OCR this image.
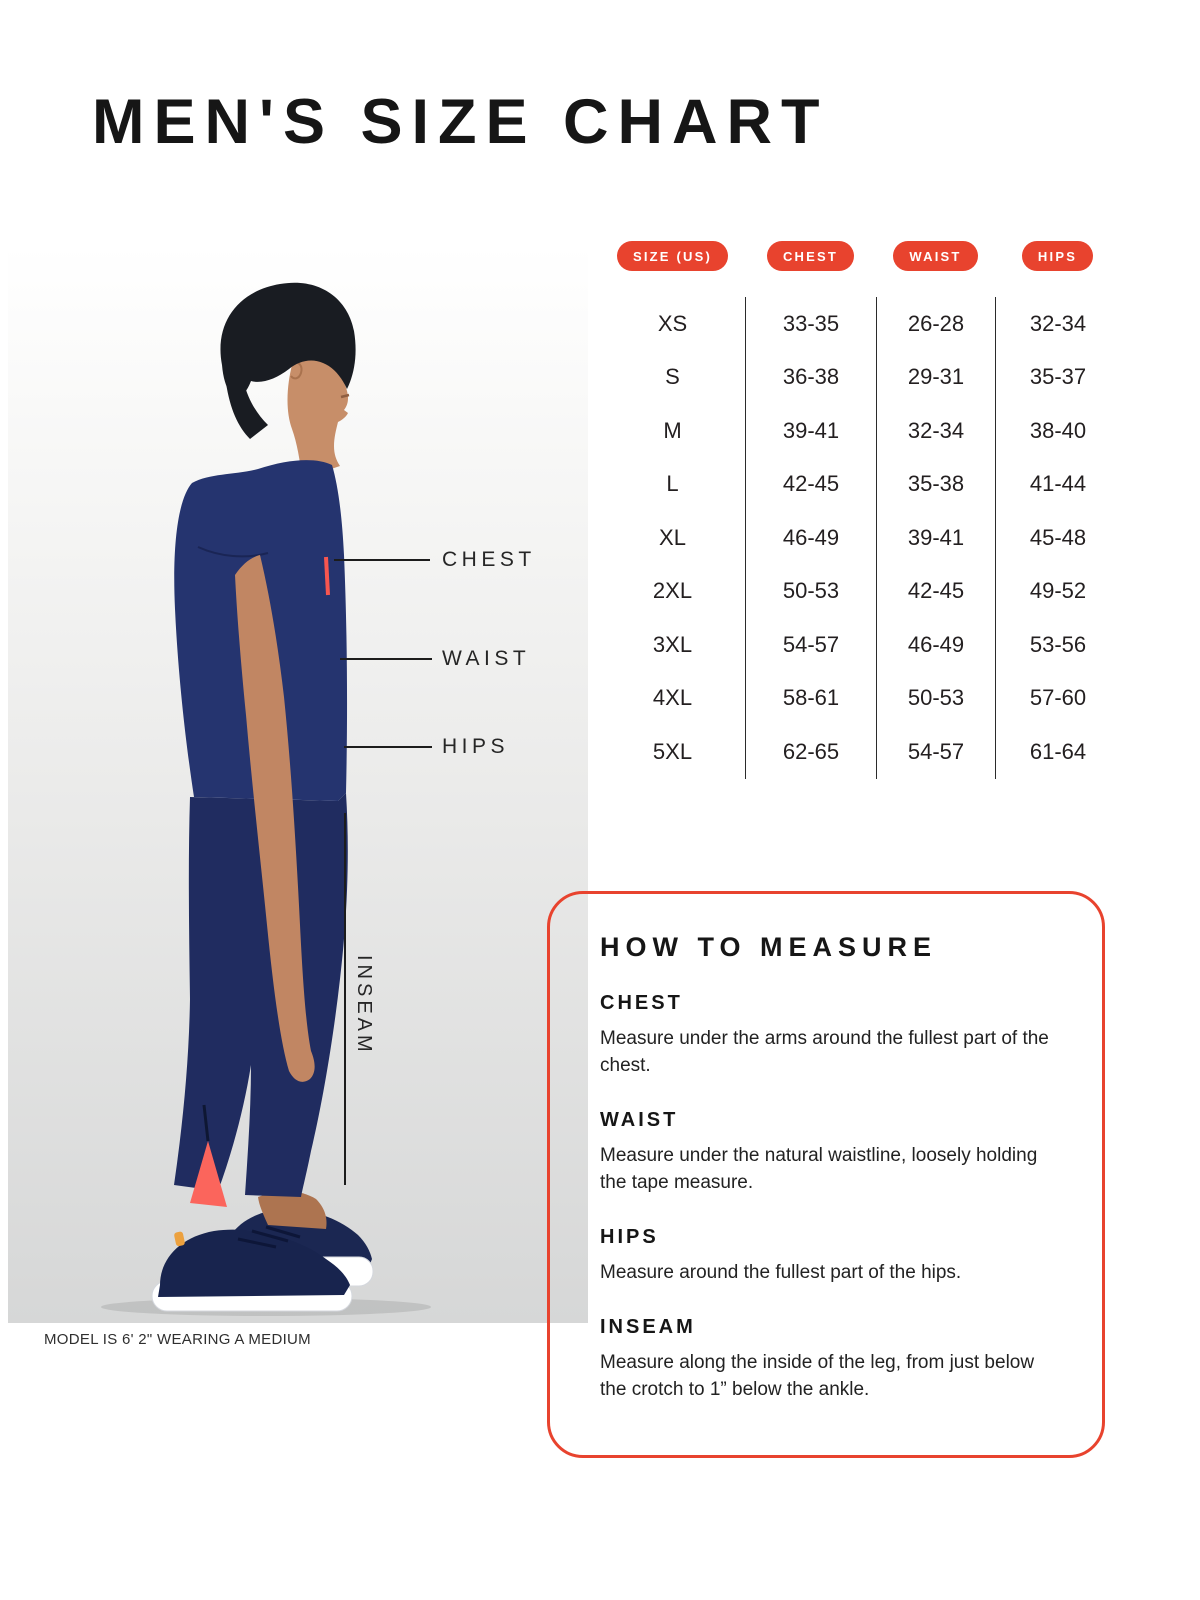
MEN'S SIZE CHART
CHEST
WAIST
HIPS
INSEAM
MODEL IS 6' 2" WEARING A MEDIUM
SIZE (US)	CHEST	WAIST	HIPS
XS	33-35	26-28	32-34
S	36-38	29-31	35-37
M	39-41	32-34	38-40
L	42-45	35-38	41-44
XL	46-49	39-41	45-48
2XL	50-53	42-45	49-52
3XL	54-57	46-49	53-56
4XL	58-61	50-53	57-60
5XL	62-65	54-57	61-64
HOW TO MEASURE
CHEST

Measure under the arms around the fullest part of the chest.

WAIST

Measure under the natural waistline, loosely holding the tape measure.

HIPS

Measure around the fullest part of the hips.

INSEAM

Measure along the inside of the leg, from just below the crotch to 1” below the ankle.
